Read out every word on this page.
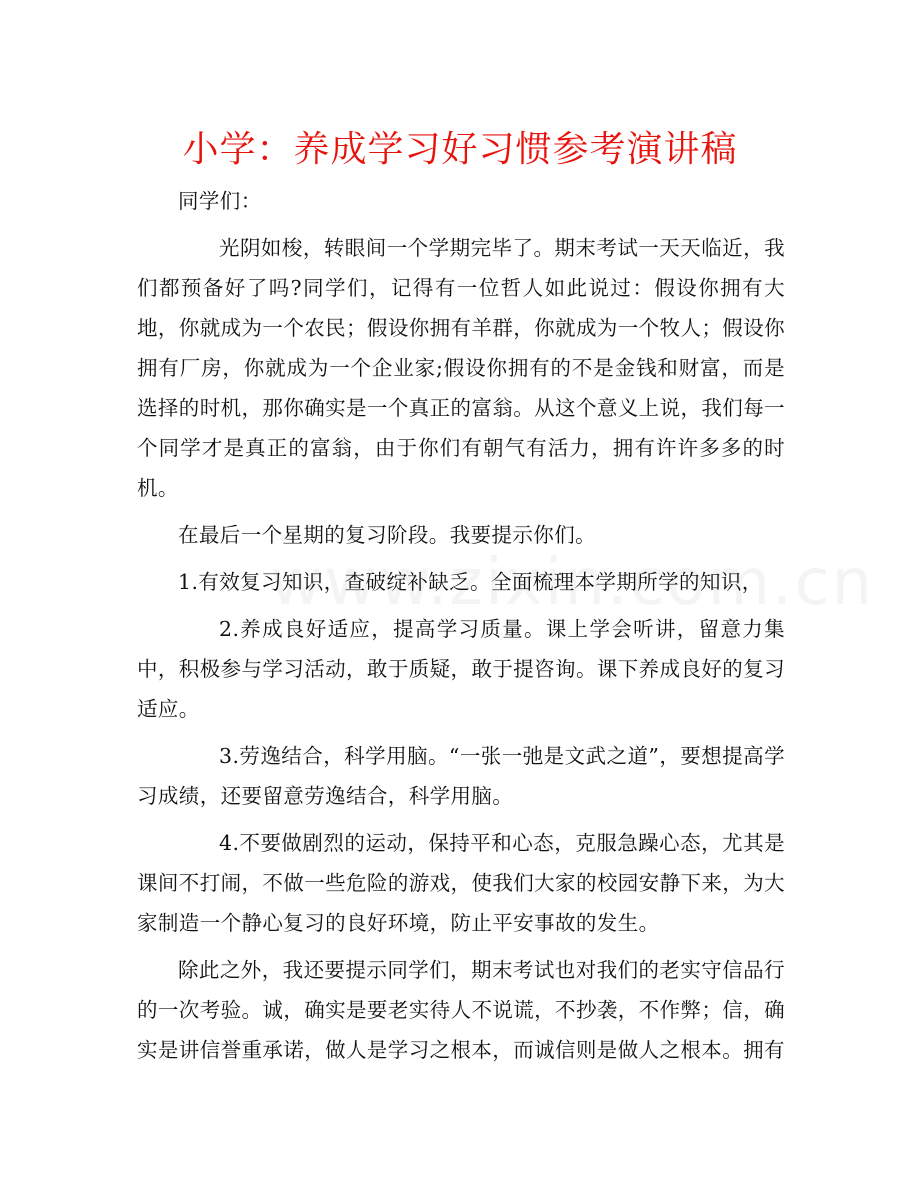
小学：养成学习好习惯参考演讲稿

同学们：

光阴如梭，转眼间一个学期完毕了。期末考试一天天临近，我们都预备好了吗?同学们，记得有一位哲人如此说过：假设你拥有大地，你就成为一个农民；假设你拥有羊群，你就成为一个牧人；假设你拥有厂房，你就成为一个企业家;假设你拥有的不是金钱和财富，而是选择的时机，那你确实是一个真正的富翁。从这个意义上说，我们每一个同学才是真正的富翁，由于你们有朝气有活力，拥有许许多多的时机。

在最后一个星期的复习阶段。我要提示你们。

1.有效复习知识，查破绽补缺乏。全面梳理本学期所学的知识，

2.养成良好适应，提高学习质量。课上学会听讲，留意力集中，积极参与学习活动，敢于质疑，敢于提咨询。课下养成良好的复习适应。

3.劳逸结合，科学用脑。“一张一弛是文武之道”，要想提高学习成绩，还要留意劳逸结合，科学用脑。

4.不要做剧烈的运动，保持平和心态，克服急躁心态，尤其是课间不打闹，不做一些危险的游戏，使我们大家的校园安静下来，为大家制造一个静心复习的良好环境，防止平安事故的发生。

除此之外，我还要提示同学们，期末考试也对我们的老实守信品行的一次考验。诚，确实是要老实待人不说谎，不抄袭，不作弊；信，确实是讲信誉重承诺，做人是学习之根本，而诚信则是做人之根本。拥有
